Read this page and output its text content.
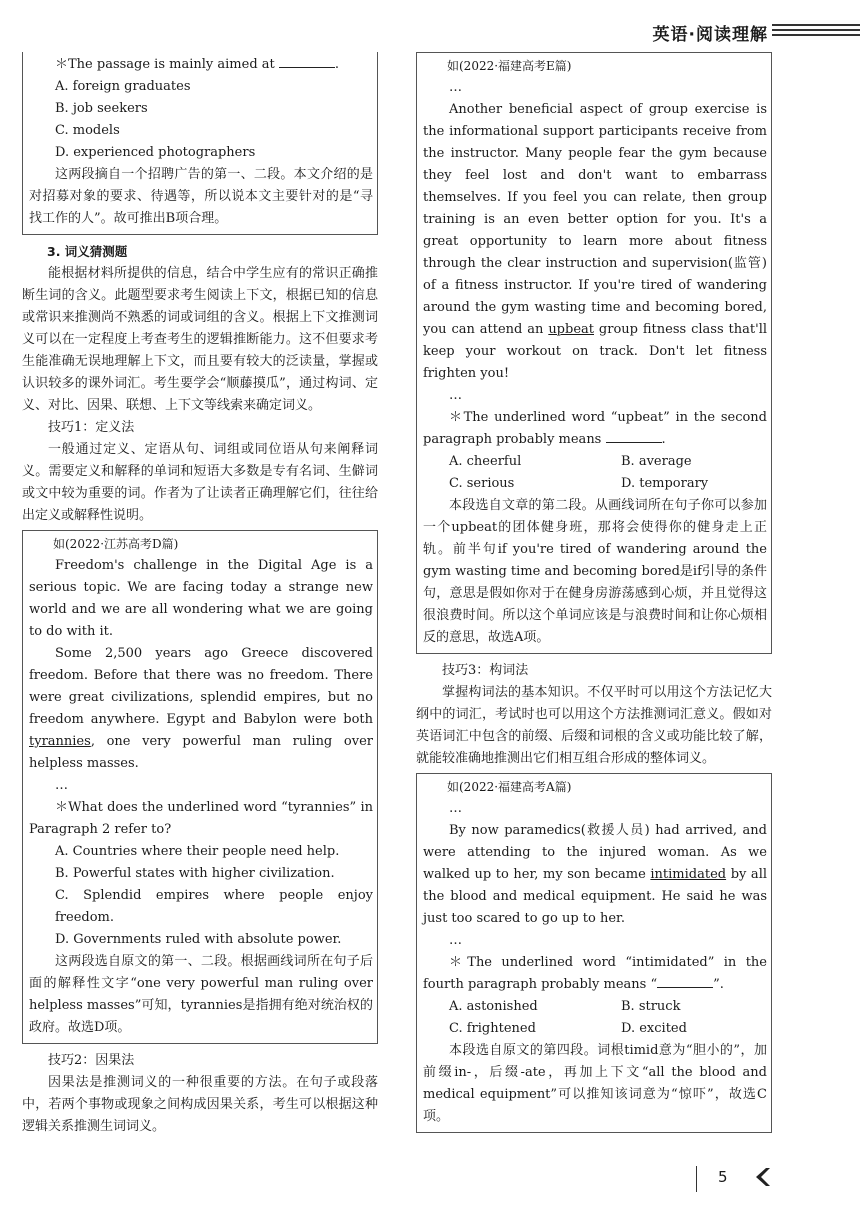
英语·阅读理解

＊The passage is mainly aimed at	.

A. foreign graduates

B. job seekers

C. models

D. experienced photographers

这两段摘自一个招聘广告的第一、二段。本文介绍的是对招募对象的要求、待遇等，所以说本文主要针对的是“寻找工作的人”。故可推出B项合理。

3. 词义猜测题

能根据材料所提供的信息，结合中学生应有的常识正确推断生词的含义。此题型要求考生阅读上下文，根据已知的信息或常识来推测尚不熟悉的词或词组的含义。根据上下文推测词义可以在一定程度上考查考生的逻辑推断能力。这不但要求考生能准确无误地理解上下文，而且要有较大的泛读量，掌握或认识较多的课外词汇。考生要学会“顺藤摸瓜”，通过构词、定义、对比、因果、联想、上下文等线索来确定词义。

技巧1：定义法

一般通过定义、定语从句、词组或同位语从句来阐释词义。需要定义和解释的单词和短语大多数是专有名词、生僻词或文中较为重要的词。作者为了让读者正确理解它们，往往给出定义或解释性说明。

如(2022·江苏高考D篇)

Freedom's challenge in the Digital Age is a serious topic. We are facing today a strange new world and we are all wondering what we are going to do with it.

Some 2,500 years ago Greece discovered freedom. Before that there was no freedom. There were great civilizations, splendid empires, but no freedom anywhere. Egypt and Babylon were both tyrannies, one very powerful man ruling over helpless masses.

…

＊What does the underlined word “tyrannies” in Paragraph 2 refer to?

A. Countries where their people need help.

B. Powerful states with higher civilization.

C. Splendid empires where people enjoy freedom.

D. Governments ruled with absolute power.

这两段选自原文的第一、二段。根据画线词所在句子后面的解释性文字“one very powerful man ruling over helpless masses”可知，tyrannies是指拥有绝对统治权的政府。故选D项。

技巧2：因果法

因果法是推测词义的一种很重要的方法。在句子或段落中，若两个事物或现象之间构成因果关系，考生可以根据这种逻辑关系推测生词词义。

如(2022·福建高考E篇)

…

Another beneficial aspect of group exercise is the informational support participants receive from the instructor. Many people fear the gym because they feel lost and don't want to embarrass themselves. If you feel you can relate, then group training is an even better option for you. It's a great opportunity to learn more about fitness through the clear instruction and supervision(监管) of a fitness instructor. If you're tired of wandering around the gym wasting time and becoming bored, you can attend an upbeat group fitness class that'll keep your workout on track. Don't let fitness frighten you!

…

＊The underlined word “upbeat” in the second paragraph probably means	.

A. cheerful	B. average
C. serious	D. temporary

本段选自文章的第二段。从画线词所在句子你可以参加一个upbeat的团体健身班，那将会使得你的健身走上正轨。前半句if you're tired of wandering around the gym wasting time and becoming bored是if引导的条件句，意思是假如你对于在健身房游荡感到心烦，并且觉得这很浪费时间。所以这个单词应该是与浪费时间和让你心烦相反的意思，故选A项。

技巧3：构词法

掌握构词法的基本知识。不仅平时可以用这个方法记忆大纲中的词汇，考试时也可以用这个方法推测词汇意义。假如对英语词汇中包含的前缀、后缀和词根的含义或功能比较了解，就能较准确地推测出它们相互组合形成的整体词义。

如(2022·福建高考A篇)

…

By now paramedics(救援人员) had arrived, and were attending to the injured woman. As we walked up to her, my son became intimidated by all the blood and medical equipment. He said he was just too scared to go up to her.

…

＊The underlined word “intimidated” in the fourth paragraph probably means “	”.

A. astonished	B. struck
C. frightened	D. excited

本段选自原文的第四段。词根timid意为“胆小的”，加前缀in-，后缀-ate，再加上下文“all the blood and medical equipment”可以推知该词意为“惊吓”，故选C项。

5
